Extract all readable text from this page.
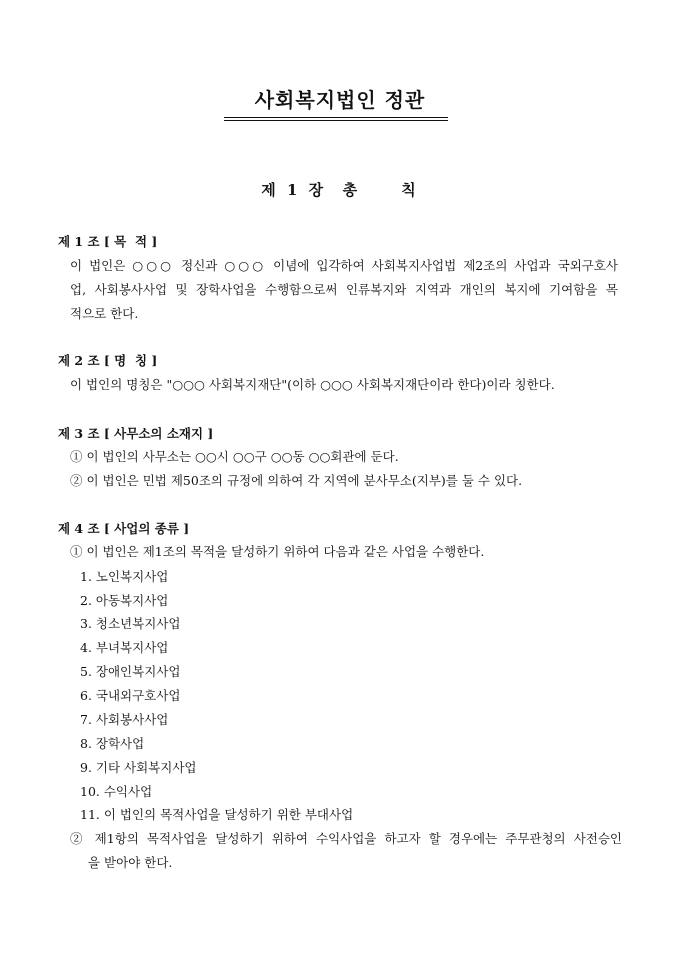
사회복지법인 정관
제 1 장  총     칙
제 1 조 [ 목  적 ]

이 법인은 ○○○ 정신과 ○○○ 이념에 입각하여 사회복지사업법 제2조의 사업과 국외구호사

업, 사회봉사사업 및 장학사업을 수행함으로써 인류복지와 지역과 개인의 복지에 기여함을 목

적으로 한다.

제 2 조 [ 명  칭 ]

이 법인의 명칭은 "○○○ 사회복지재단"(이하 ○○○ 사회복지재단이라 한다)이라 칭한다.

제 3 조 [ 사무소의 소재지 ]

① 이 법인의 사무소는 ○○시 ○○구 ○○동 ○○회관에 둔다.

② 이 법인은 민법 제50조의 규정에 의하여 각 지역에 분사무소(지부)를 둘 수 있다.

제 4 조 [ 사업의 종류 ]

① 이 법인은 제1조의 목적을 달성하기 위하여 다음과 같은 사업을 수행한다.

1. 노인복지사업

2. 아동복지사업

3. 청소년복지사업

4. 부녀복지사업

5. 장애인복지사업

6. 국내외구호사업

7. 사회봉사사업

8. 장학사업

9. 기타 사회복지사업

10. 수익사업

11. 이 법인의 목적사업을 달성하기 위한 부대사업

② 제1항의 목적사업을 달성하기 위하여 수익사업을 하고자 할 경우에는 주무관청의 사전승인

을 받아야 한다.
